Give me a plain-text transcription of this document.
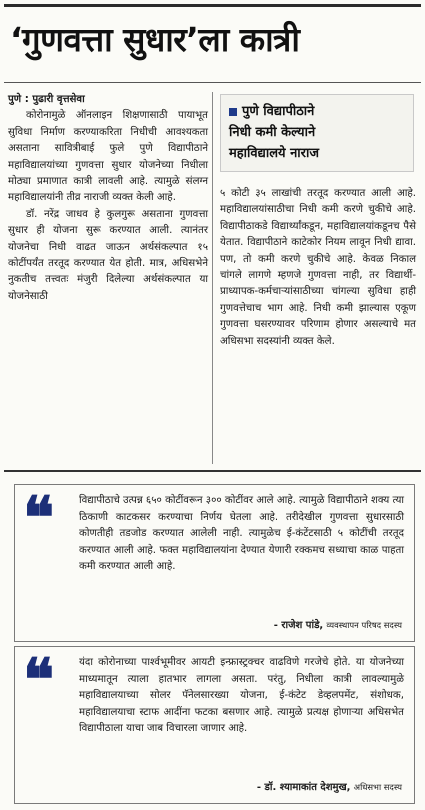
‘गुणवत्ता सुधार’ला कात्री

पुणे : पुढारी वृत्तसेवा

कोरोनामुळे ऑनलाइन शिक्षणासाठी पायाभूत सुविधा निर्माण करण्याकरिता निधीची आवश्यकता असताना सावित्रीबाई फुले पुणे विद्यापीठाने महाविद्यालयांच्या गुणवत्ता सुधार योजनेच्या निधीला मोठ्या प्रमाणात कात्री लावली आहे. त्यामुळे संलग्न महाविद्यालयांनी तीव्र नाराजी व्यक्त केली आहे.

डॉ. नरेंद्र जाधव हे कुलगुरू असताना गुणवत्ता सुधार ही योजना सुरू करण्यात आली. त्यानंतर योजनेचा निधी वाढत जाऊन अर्थसंकल्पात १५ कोटींपर्यंत तरतूद करण्यात येत होती. मात्र, अधिसभेने नुकतीच तत्त्वतः मंजुरी दिलेल्या अर्थसंकल्पात या योजनेसाठी

पुणे विद्यापीठाने
निधी कमी केल्याने
महाविद्यालये नाराज
५ कोटी ३५ लाखांची तरतूद करण्यात आली आहे. महाविद्यालयांसाठीचा निधी कमी करणे चुकीचे आहे. विद्यापीठाकडे विद्यार्थ्यांकडून, महाविद्यालयांकडूनच पैसे येतात. विद्यापीठाने काटेकोर नियम लावून निधी द्यावा. पण, तो कमी करणे चुकीचे आहे. केवळ निकाल चांगले लागणे म्हणजे गुणवत्ता नाही, तर विद्यार्थी-प्राध्यापक-कर्मचाऱ्यांसाठीच्या चांगल्या सुविधा हाही गुणवत्तेचाच भाग आहे. निधी कमी झाल्यास एकूण गुणवत्ता घसरण्यावर परिणाम होणार असल्याचे मत अधिसभा सदस्यांनी व्यक्त केले.
❝ विद्यापीठाचे उत्पन्न ६५० कोटींवरून ३०० कोटींवर आले आहे. त्यामुळे विद्यापीठाने शक्य त्या ठिकाणी काटकसर करण्याचा निर्णय घेतला आहे. तरीदेखील गुणवत्ता सुधारसाठी कोणतीही तडजोड करण्यात आलेली नाही. त्यामुळेच ई-कंटेंटसाठी ५ कोटींची तरतूद करण्यात आली आहे. फक्त महाविद्यालयांना देण्यात येणारी रक्कमच सध्याचा काळ पाहता कमी करण्यात आली आहे.
- राजेश पांडे, व्यवस्थापन परिषद सदस्य
❝ यंदा कोरोनाच्या पार्श्वभूमीवर आयटी इन्फ्रास्ट्रक्चर वाढविणे गरजेचे होते. या योजनेच्या माध्यमातून त्याला हातभार लागला असता. परंतु, निधीला कात्री लावल्यामुळे महाविद्यालयाच्या सोलर पॅनेलसारख्या योजना, ई-कंटेट डेव्हलपमेंट, संशोधक, महाविद्यालयाचा स्टाफ आदींना फटका बसणार आहे. त्यामुळे प्रत्यक्ष होणाऱ्या अधिसभेत विद्यापीठाला याचा जाब विचारला जाणार आहे.
- डॉ. श्यामाकांत देशमुख, अधिसभा सदस्य
